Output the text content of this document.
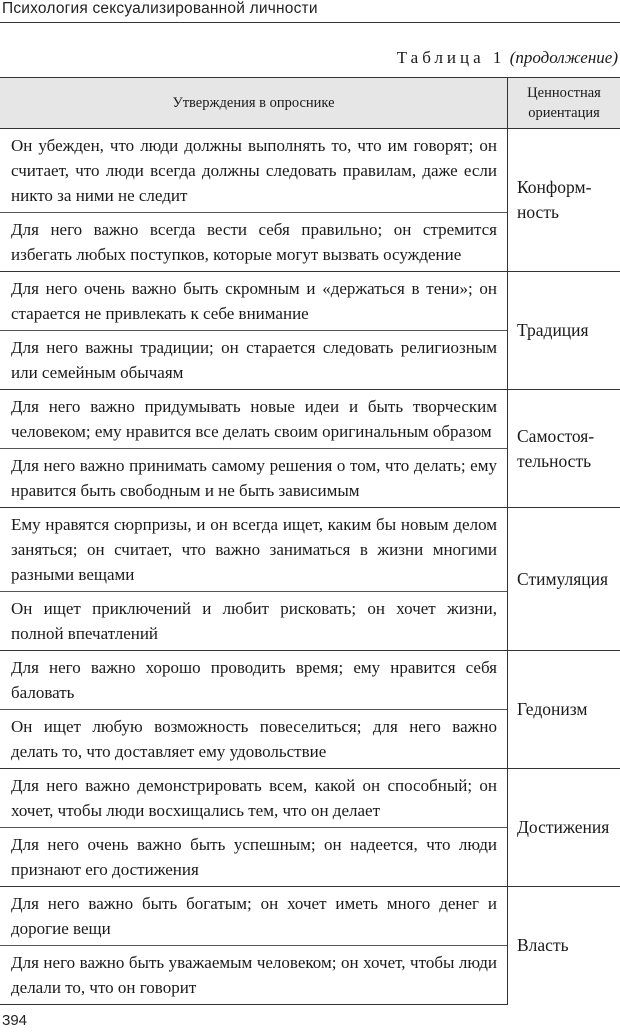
Психология сексуализированной личности
Таблица 1 (продолжение)
Утверждения в опроснике	Ценностная ориентация
Он убежден, что люди должны выполнять то, что им говорят; он считает, что люди всегда должны следовать правилам, даже если никто за ними не следит	Конформ- ность
Для него важно всегда вести себя правильно; он стремится избегать любых поступков, которые могут вызвать осуждение	
Для него очень важно быть скромным и «держаться в тени»; он старается не привлекать к себе внимание	Традиция
Для него важны традиции; он старается следовать религиозным или семейным обычаям	
Для него важно придумывать новые идеи и быть творческим человеком; ему нравится все делать своим оригинальным образом	Самостоя- тельность
Для него важно принимать самому решения о том, что делать; ему нравится быть свободным и не быть зависимым	
Ему нравятся сюрпризы, и он всегда ищет, каким бы новым делом заняться; он считает, что важно заниматься в жизни многими разными вещами	Стимуляция
Он ищет приключений и любит рисковать; он хочет жизни, полной впечатлений	
Для него важно хорошо проводить время; ему нравится себя баловать	Гедонизм
Он ищет любую возможность повеселиться; для него важно делать то, что доставляет ему удовольствие	
Для него важно демонстрировать всем, какой он способный; он хочет, чтобы люди восхищались тем, что он делает	Достижения
Для него очень важно быть успешным; он надеется, что люди признают его достижения	
Для него важно быть богатым; он хочет иметь много денег и дорогие вещи	Власть
Для него важно быть уважаемым человеком; он хочет, чтобы люди делали то, что он говорит	
394
